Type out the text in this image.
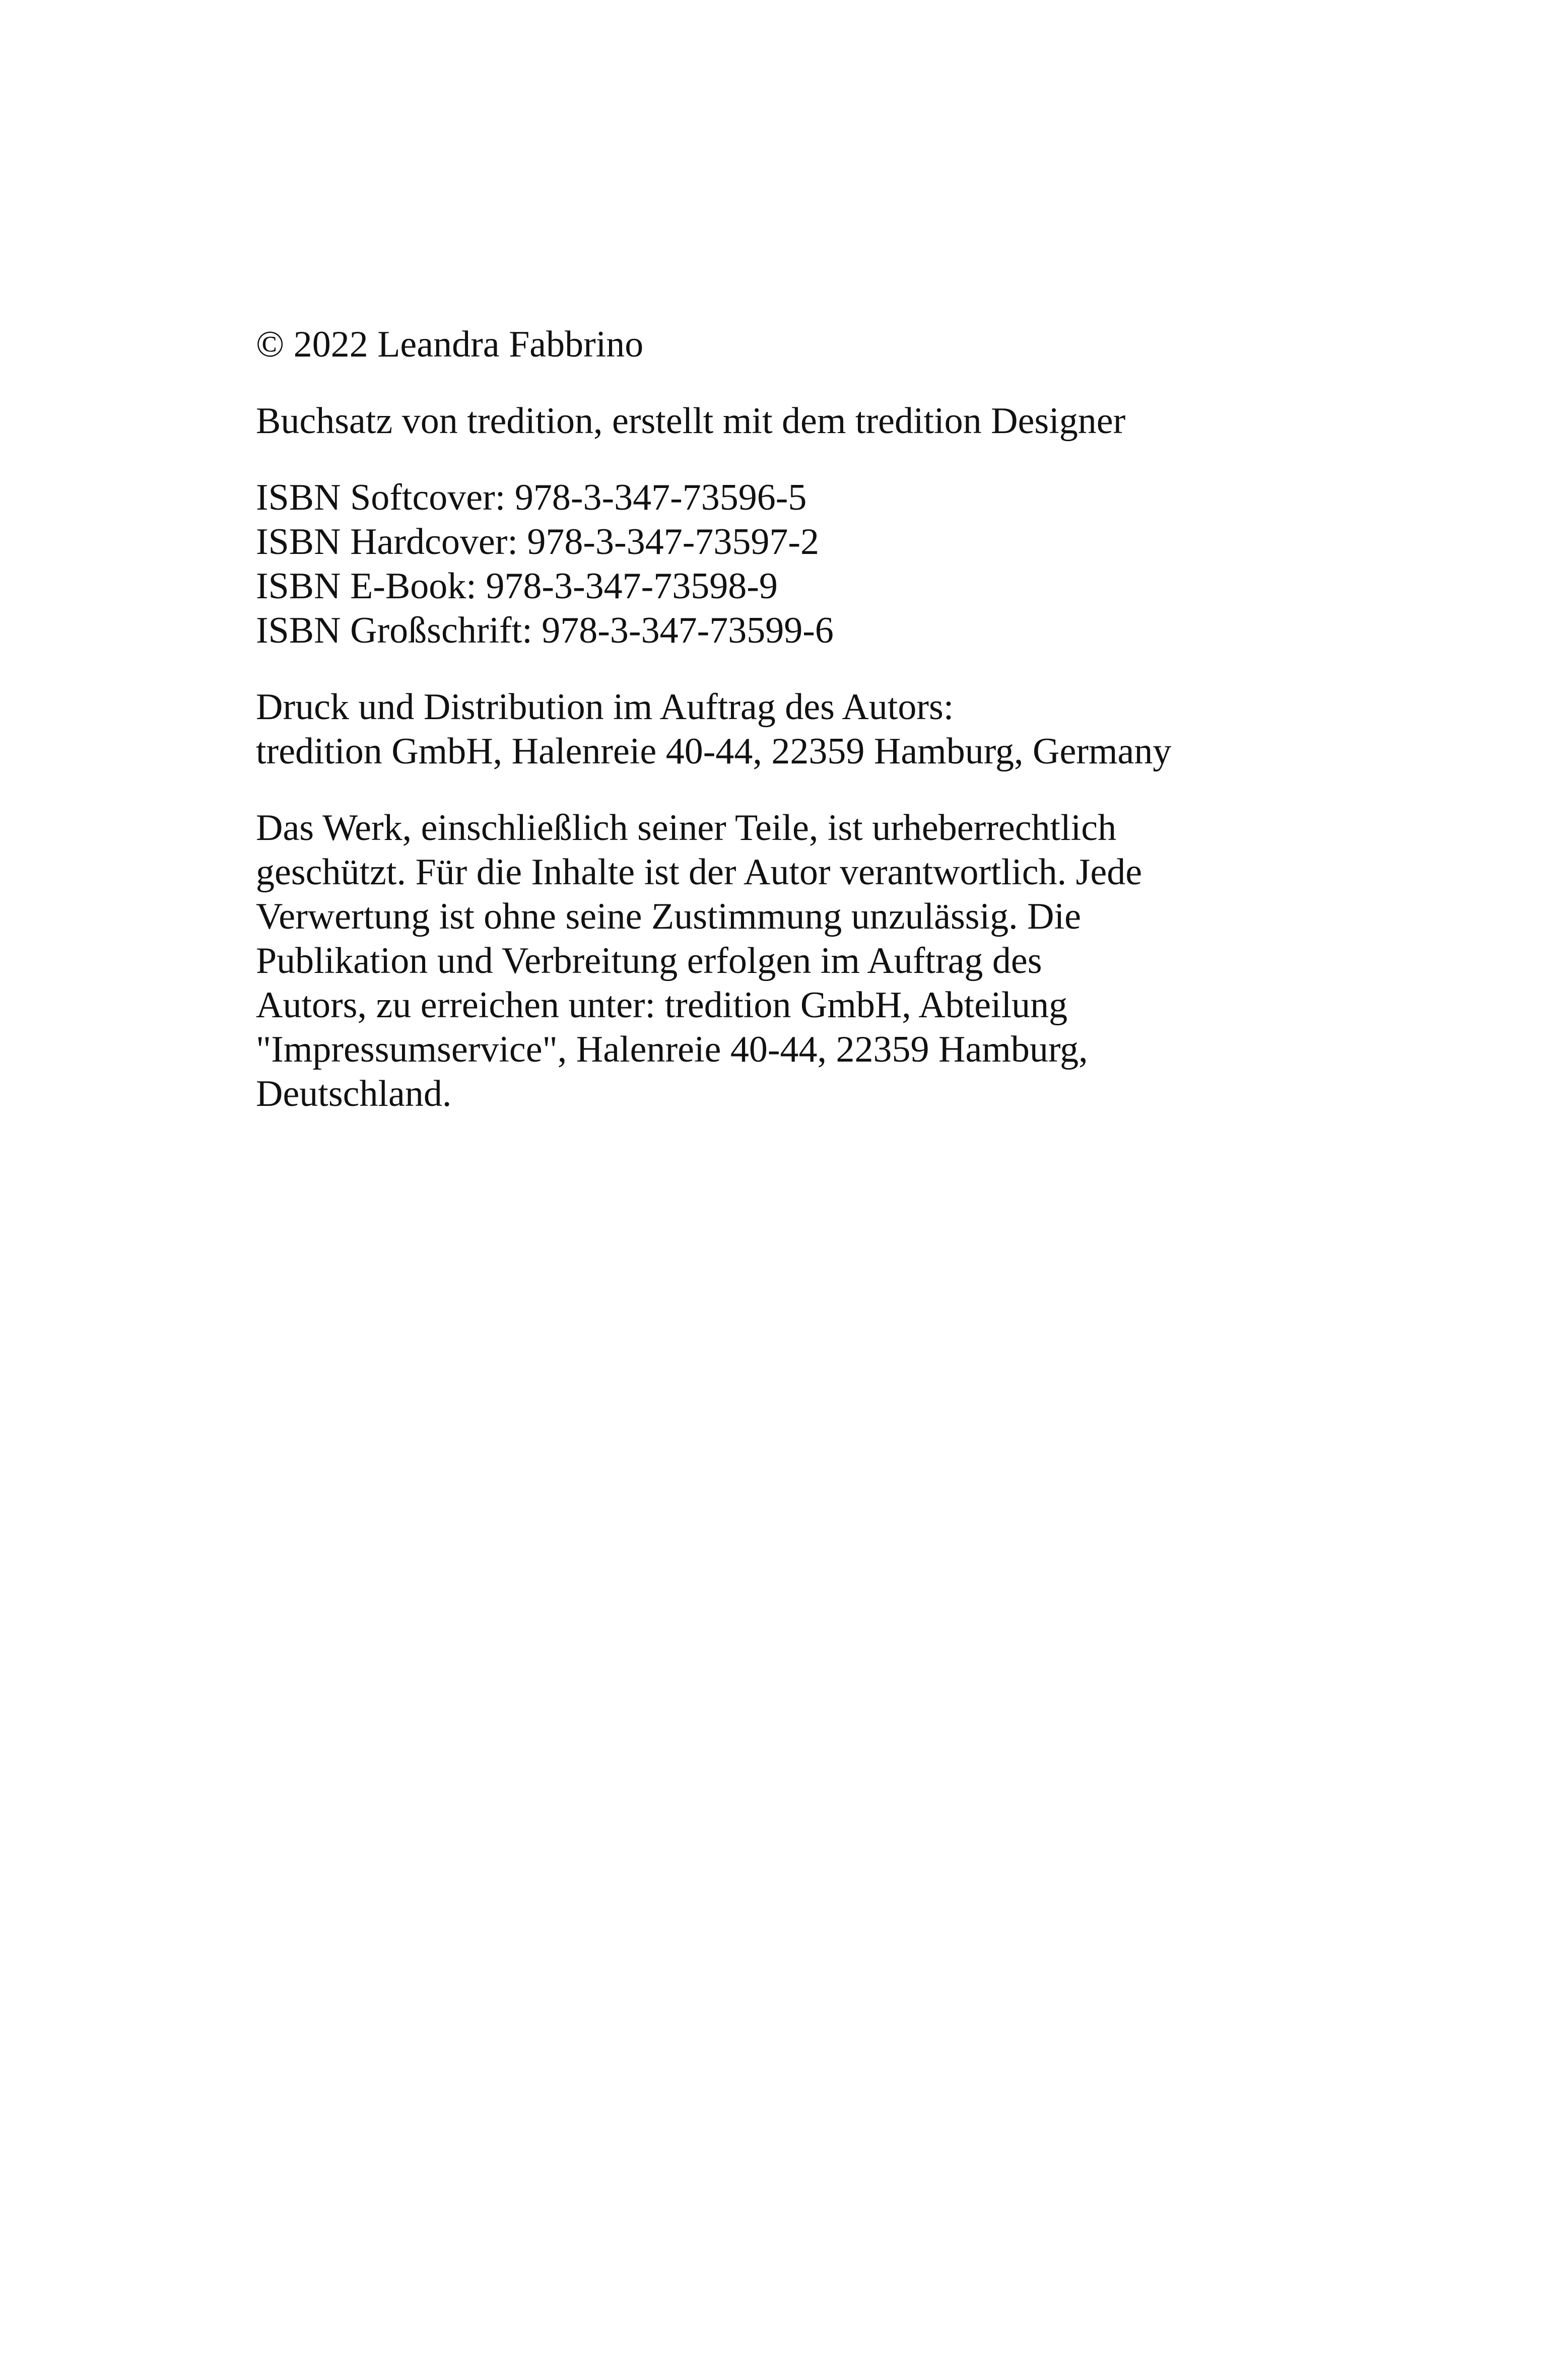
© 2022 Leandra Fabbrino
Buchsatz von tredition, erstellt mit dem tredition Designer
ISBN Softcover: 978-3-347-73596-5
ISBN Hardcover: 978-3-347-73597-2
ISBN E-Book: 978-3-347-73598-9
ISBN Großschrift: 978-3-347-73599-6
Druck und Distribution im Auftrag des Autors:
tredition GmbH, Halenreie 40-44, 22359 Hamburg, Germany
Das Werk, einschließlich seiner Teile, ist urheberrechtlich
geschützt. Für die Inhalte ist der Autor verantwortlich. Jede
Verwertung ist ohne seine Zustimmung unzulässig. Die
Publikation und Verbreitung erfolgen im Auftrag des
Autors, zu erreichen unter: tredition GmbH, Abteilung
"Impressumservice", Halenreie 40-44, 22359 Hamburg,
Deutschland.
